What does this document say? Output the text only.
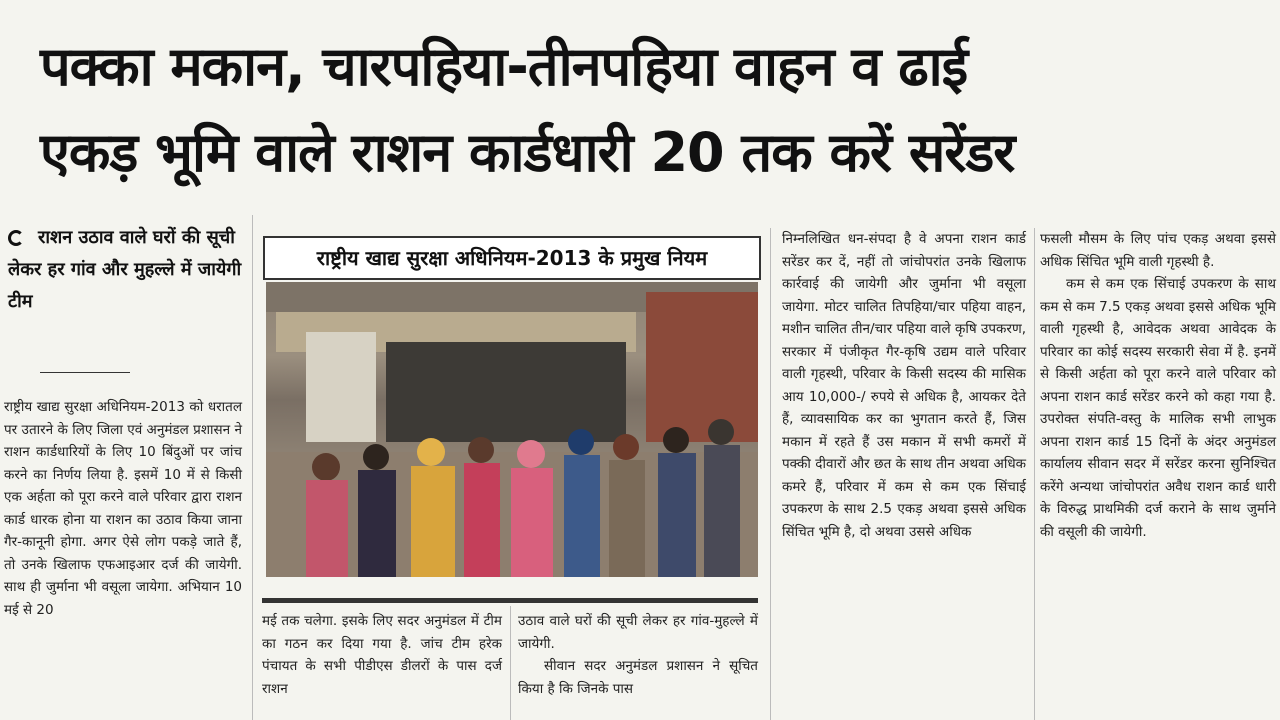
पक्का मकान, चारपहिया-तीनपहिया वाहन व ढाई
एकड़ भूमि वाले राशन कार्डधारी 20 तक करें सरेंडर
राशन उठाव वाले घरों की सूची लेकर हर गांव और मुहल्ले में जायेगी टीम

राष्ट्रीय खाद्य सुरक्षा अधिनियम-2013 को धरातल पर उतारने के लिए जिला एवं अनुमंडल प्रशासन ने राशन कार्डधारियों के लिए 10 बिंदुओं पर जांच करने का निर्णय लिया है. इसमें 10 में से किसी एक अर्हता को पूरा करने वाले परिवार द्वारा राशन कार्ड धारक होना या राशन का उठाव किया जाना गैर-कानूनी होगा. अगर ऐसे लोग पकड़े जाते हैं, तो उनके खिलाफ एफआइआर दर्ज की जायेगी. साथ ही जुर्माना भी वसूला जायेगा. अभियान 10 मई से 20

राष्ट्रीय खाद्य सुरक्षा अधिनियम-2013 के प्रमुख नियम

मई तक चलेगा. इसके लिए सदर अनुमंडल में टीम का गठन कर दिया गया है. जांच टीम हरेक पंचायत के सभी पीडीएस डीलरों के पास दर्ज राशन

उठाव वाले घरों की सूची लेकर हर गांव-मुहल्ले में जायेगी.

सीवान सदर अनुमंडल प्रशासन ने सूचित किया है कि जिनके पास

निम्नलिखित धन-संपदा है वे अपना राशन कार्ड सरेंडर कर दें, नहीं तो जांचोपरांत उनके खिलाफ कार्रवाई की जायेगी और जुर्माना भी वसूला जायेगा. मोटर चालित तिपहिया/चार पहिया वाहन, मशीन चालित तीन/चार पहिया वाले कृषि उपकरण, सरकार में पंजीकृत गैर-कृषि उद्यम वाले परिवार वाली गृहस्थी, परिवार के किसी सदस्य की मासिक आय 10,000-/ रुपये से अधिक है, आयकर देते हैं, व्यावसायिक कर का भुगतान करते हैं, जिस मकान में रहते हैं उस मकान में सभी कमरों में पक्की दीवारों और छत के साथ तीन अथवा अधिक कमरे हैं, परिवार में कम से कम एक सिंचाई उपकरण के साथ 2.5 एकड़ अथवा इससे अधिक सिंचित भूमि है, दो अथवा उससे अधिक

फसली मौसम के लिए पांच एकड़ अथवा इससे अधिक सिंचित भूमि वाली गृहस्थी है.

कम से कम एक सिंचाई उपकरण के साथ कम से कम 7.5 एकड़ अथवा इससे अधिक भूमि वाली गृहस्थी है, आवेदक अथवा आवेदक के परिवार का कोई सदस्य सरकारी सेवा में है. इनमें से किसी अर्हता को पूरा करने वाले परिवार को अपना राशन कार्ड सरेंडर करने को कहा गया है. उपरोक्त संपति-वस्तु के मालिक सभी लाभुक अपना राशन कार्ड 15 दिनों के अंदर अनुमंडल कार्यालय सीवान सदर में सरेंडर करना सुनिश्चित करेंगे अन्यथा जांचोपरांत अवैध राशन कार्ड धारी के विरुद्ध प्राथमिकी दर्ज कराने के साथ जुर्माने की वसूली की जायेगी.
